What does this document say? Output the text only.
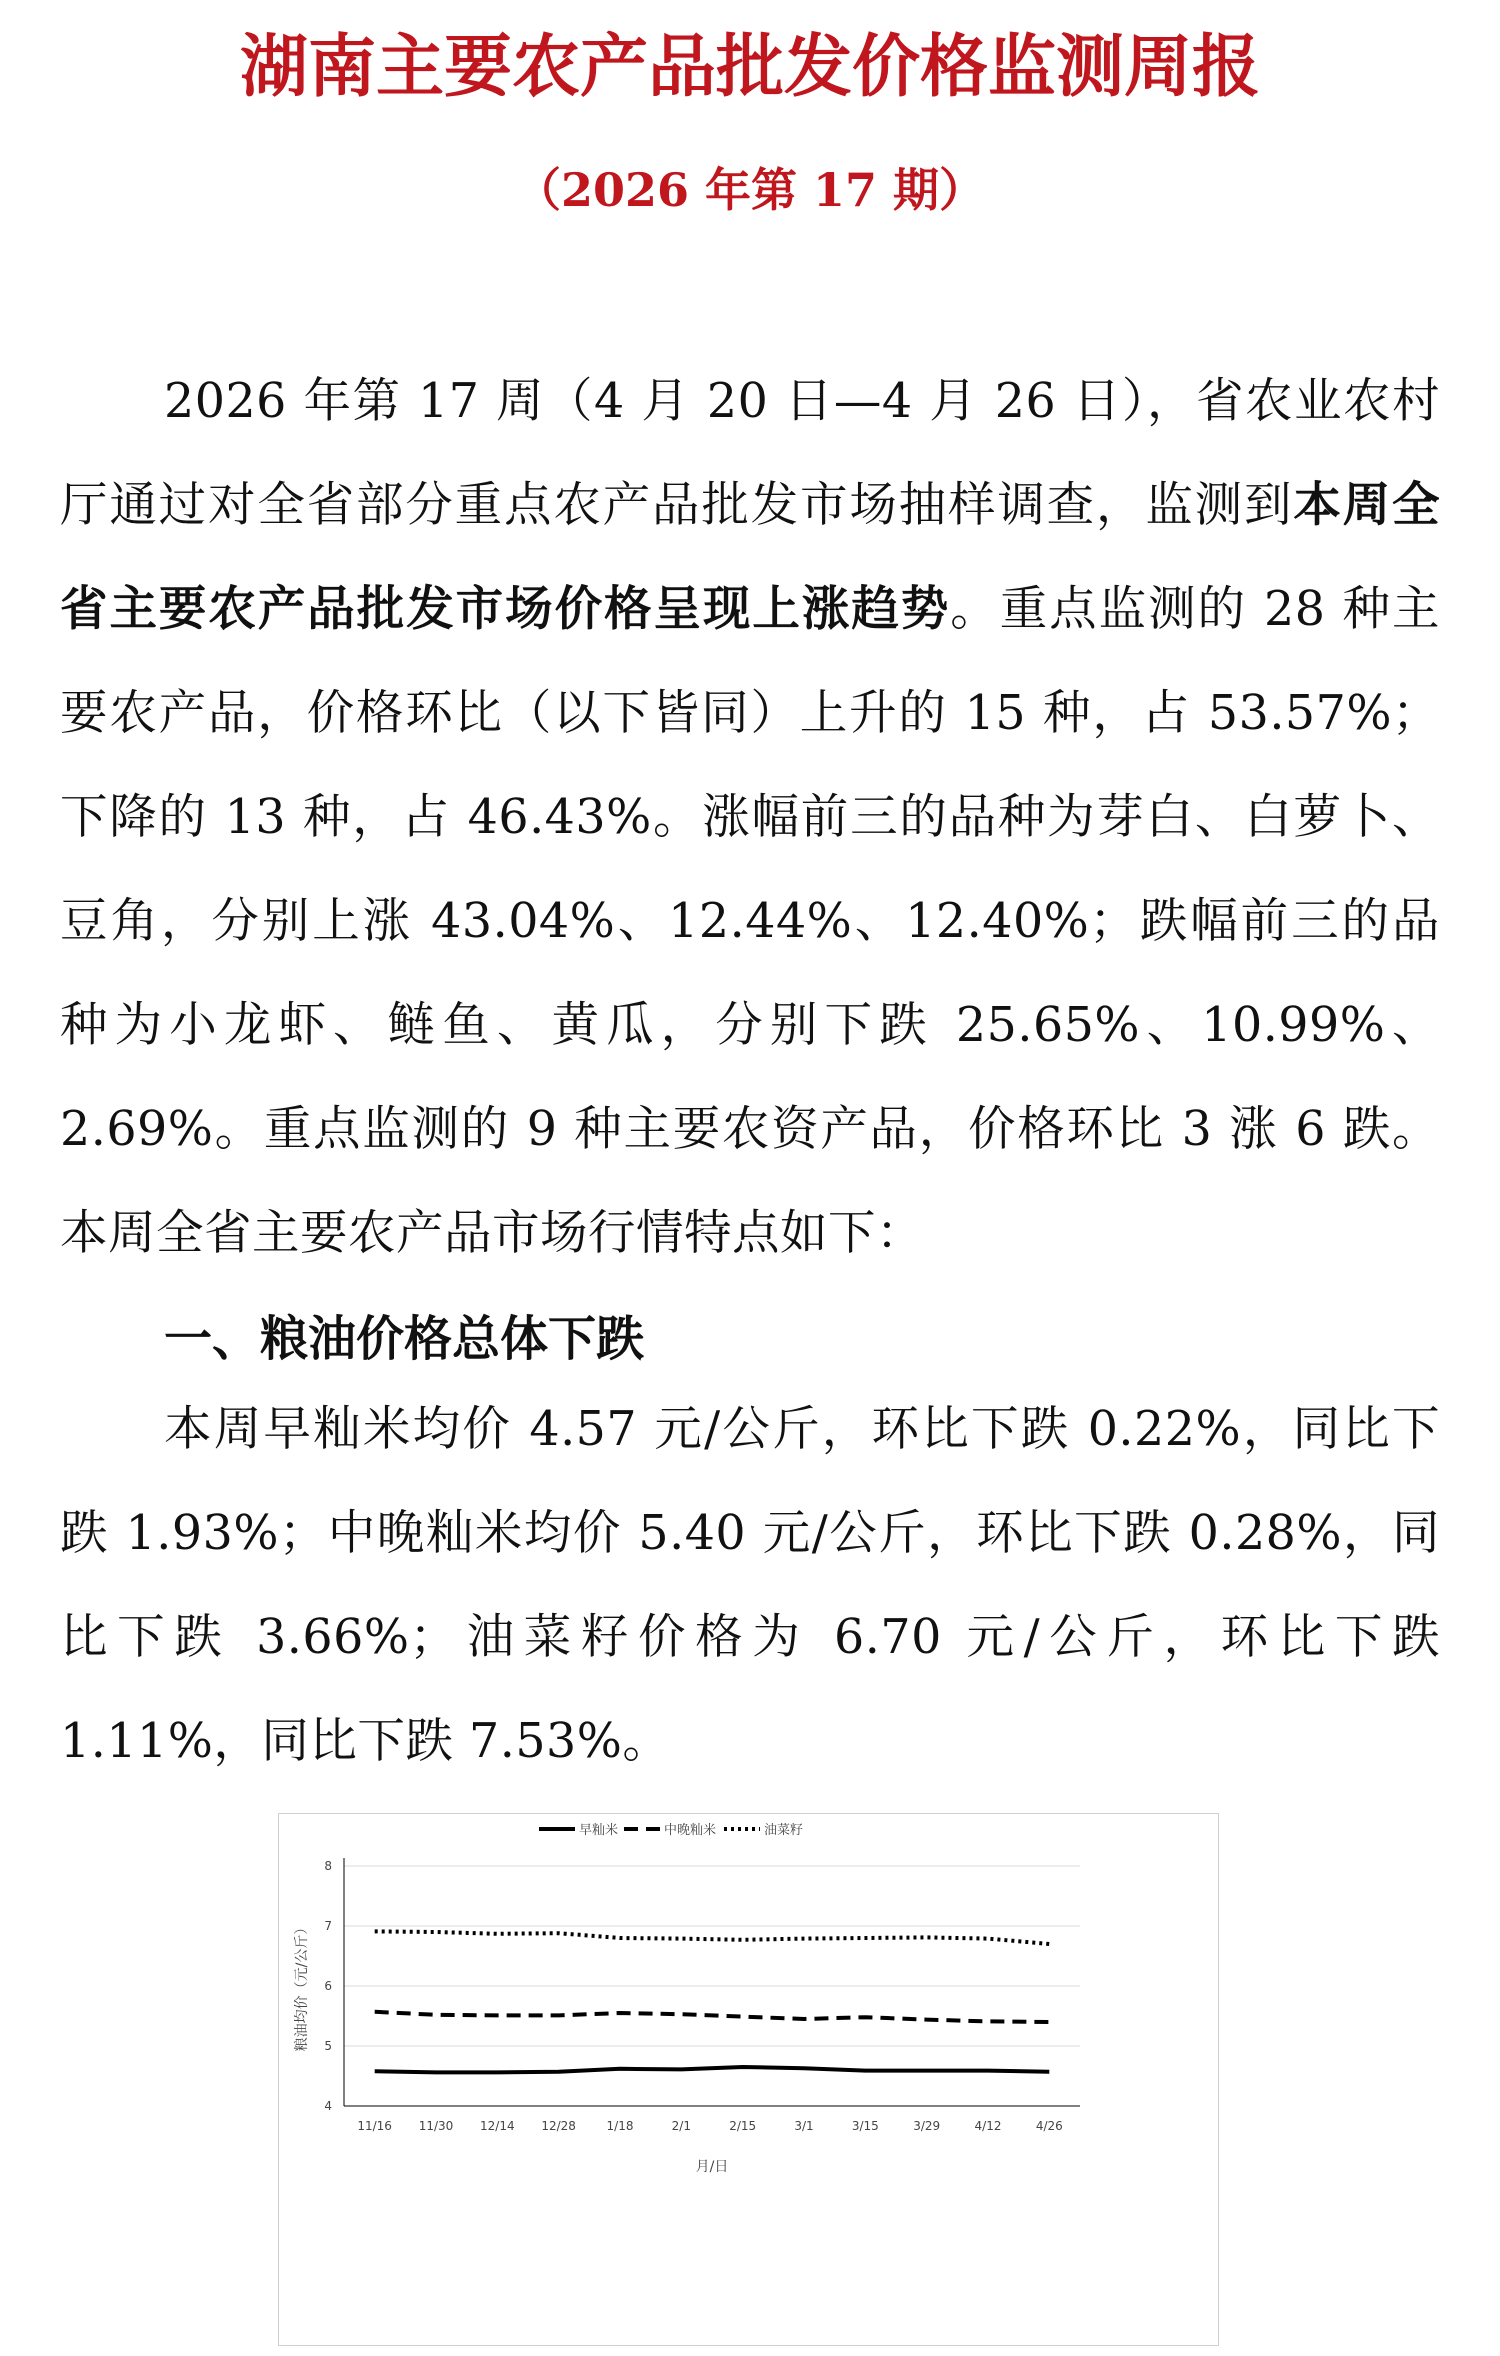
湖南主要农产品批发价格监测周报
（2026 年第 17 期）

2026 年第 17 周（4 月 20 日—4 月 26 日），省农业农村厅通过对全省部分重点农产品批发市场抽样调查，监测到本周全省主要农产品批发市场价格呈现上涨趋势。重点监测的 28 种主要农产品，价格环比（以下皆同）上升的 15 种，占 53.57%；下降的 13 种，占 46.43%。涨幅前三的品种为芽白、白萝卜、豆角，分别上涨 43.04%、12.44%、12.40%；跌幅前三的品种为小龙虾、鲢鱼、黄瓜，分别下跌 25.65%、10.99%、2.69%。重点监测的 9 种主要农资产品，价格环比 3 涨 6 跌。本周全省主要农产品市场行情特点如下：

一、粮油价格总体下跌

本周早籼米均价 4.57 元/公斤，环比下跌 0.22%，同比下跌 1.93%；中晚籼米均价 5.40 元/公斤，环比下跌 0.28%，同比下跌 3.66%；油菜籽价格为 6.70 元/公斤，环比下跌 1.11%，同比下跌 7.53%。

4
5
6
7
8
11/16 11/30 12/14 12/28	1/18	2/1	2/15	3/1	3/15	3/29	4/12	4/26
月/日
粮油均价（元/公斤）
早籼米	中晚籼米	油菜籽
